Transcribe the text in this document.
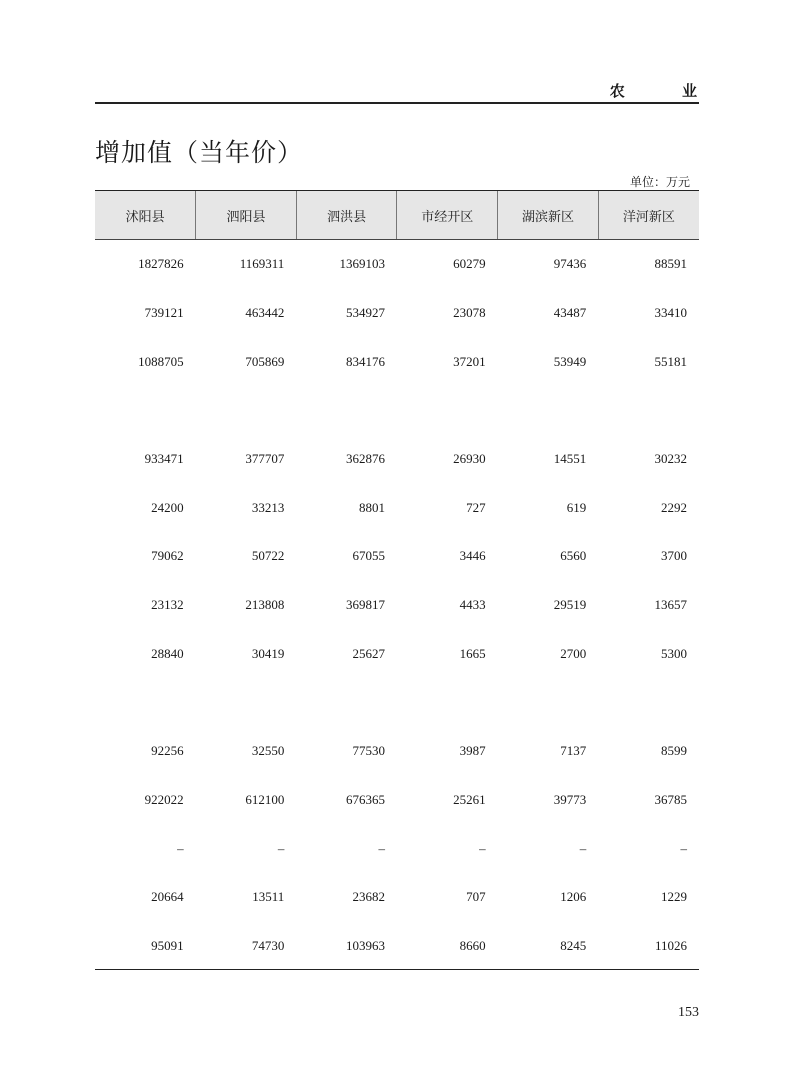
农 业
增加值（当年价）
单位：万元
沭阳县	泗阳县	泗洪县	市经开区	湖滨新区	洋河新区
1827826	1169311	1369103	60279	97436	88591
739121	463442	534927	23078	43487	33410
1088705	705869	834176	37201	53949	55181

933471	377707	362876	26930	14551	30232
24200	33213	8801	727	619	2292
79062	50722	67055	3446	6560	3700
23132	213808	369817	4433	29519	13657
28840	30419	25627	1665	2700	5300

92256	32550	77530	3987	7137	8599
922022	612100	676365	25261	39773	36785
–	–	–	–	–	–
20664	13511	23682	707	1206	1229
95091	74730	103963	8660	8245	11026
153
